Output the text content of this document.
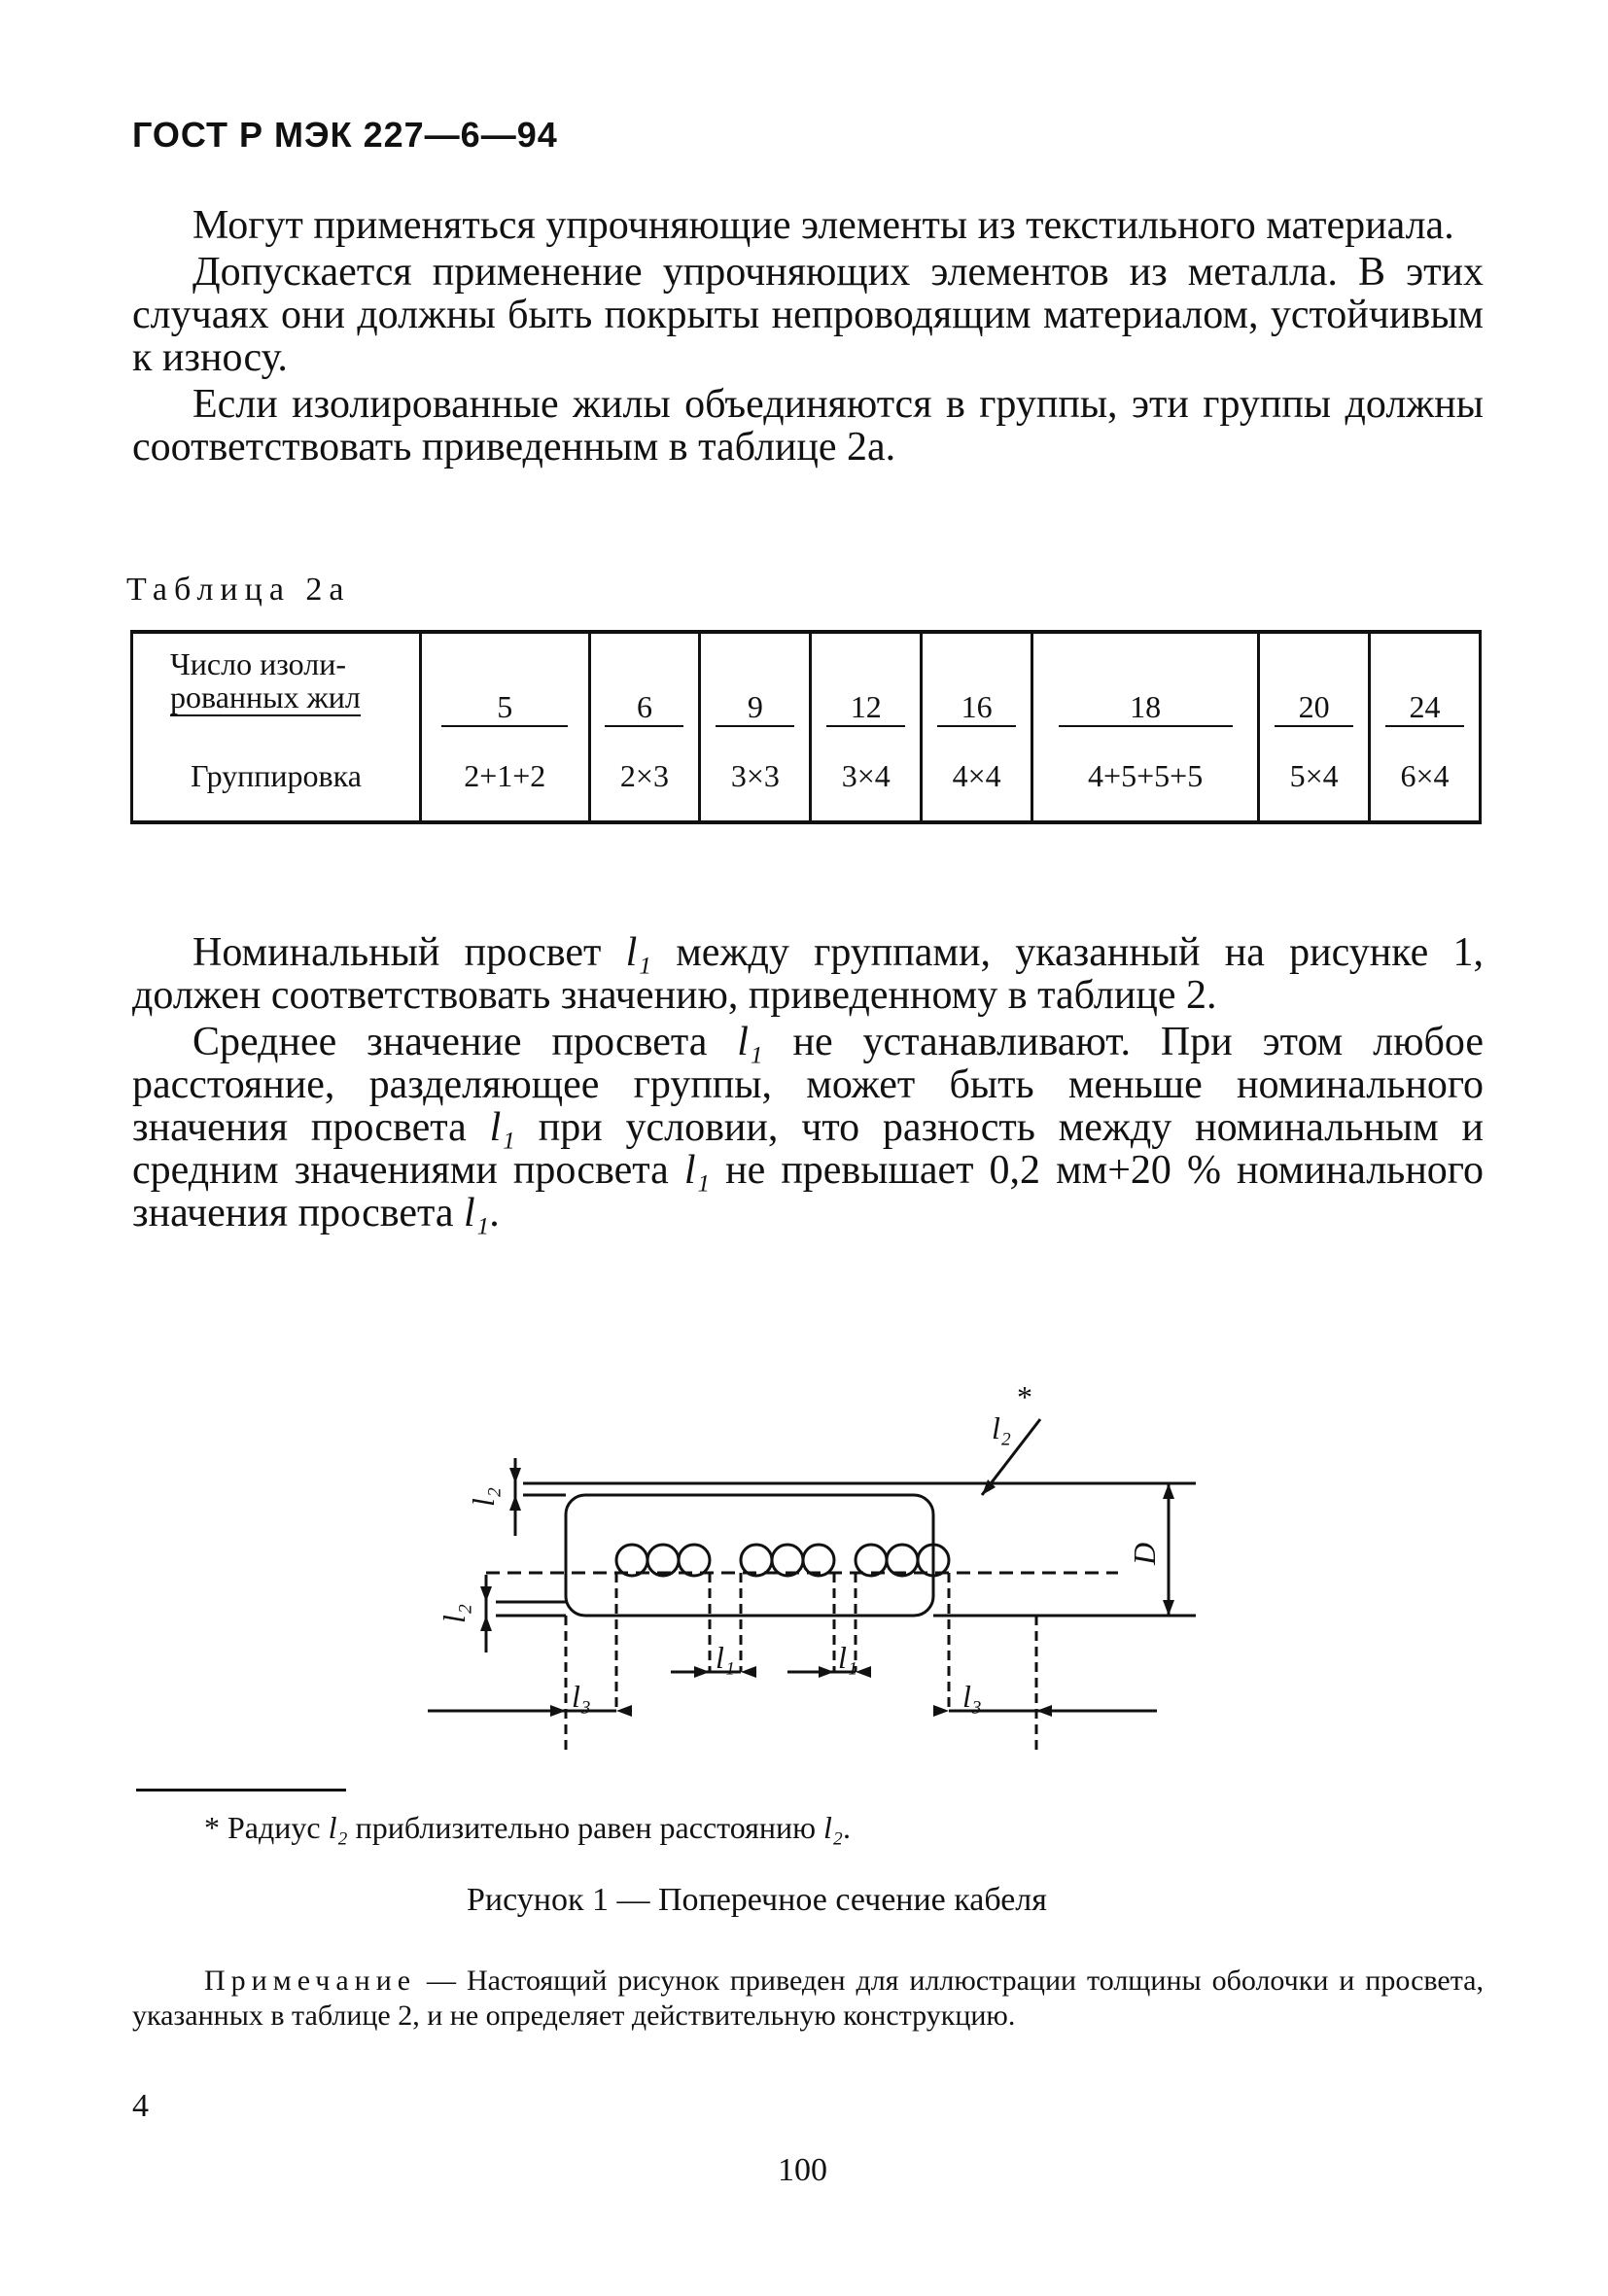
ГОСТ Р МЭК 227—6—94

Могут применяться упрочняющие элементы из текстильного материала.

Допускается применение упрочняющих элементов из металла. В этих случаях они должны быть покрыты непроводящим материалом, устойчивым к износу.

Если изолированные жилы объединяются в группы, эти группы должны соответствовать приведенным в таблице 2а.

Таблица 2а
Число изоли-
рованных жил	5	6	9	12	16	18	20	24
Группировка	2+1+2	2×3	3×3	3×4	4×4	4+5+5+5	5×4	6×4

Номинальный просвет l₁ между группами, указанный на рисунке 1, должен соответствовать значению, приведенному в таблице 2.

Среднее значение просвета l₁ не устанавливают. При этом любое расстояние, разделяющее группы, может быть меньше номинального значения просвета l₁ при условии, что разность между номинальным и средним значениями просвета l₁ не превышает 0,2 мм+20 % номинального значения просвета l₁.

l₃	l₃
l₁	l₁
l₂
*
l₂
l₂
D
* Радиус l₂ приблизительно равен расстоянию l₂.
Рисунок 1 — Поперечное сечение кабеля
Примечание — Настоящий рисунок приведен для иллюстрации толщины оболочки и просвета, указанных в таблице 2, и не определяет действительную конструкцию.
4
100
